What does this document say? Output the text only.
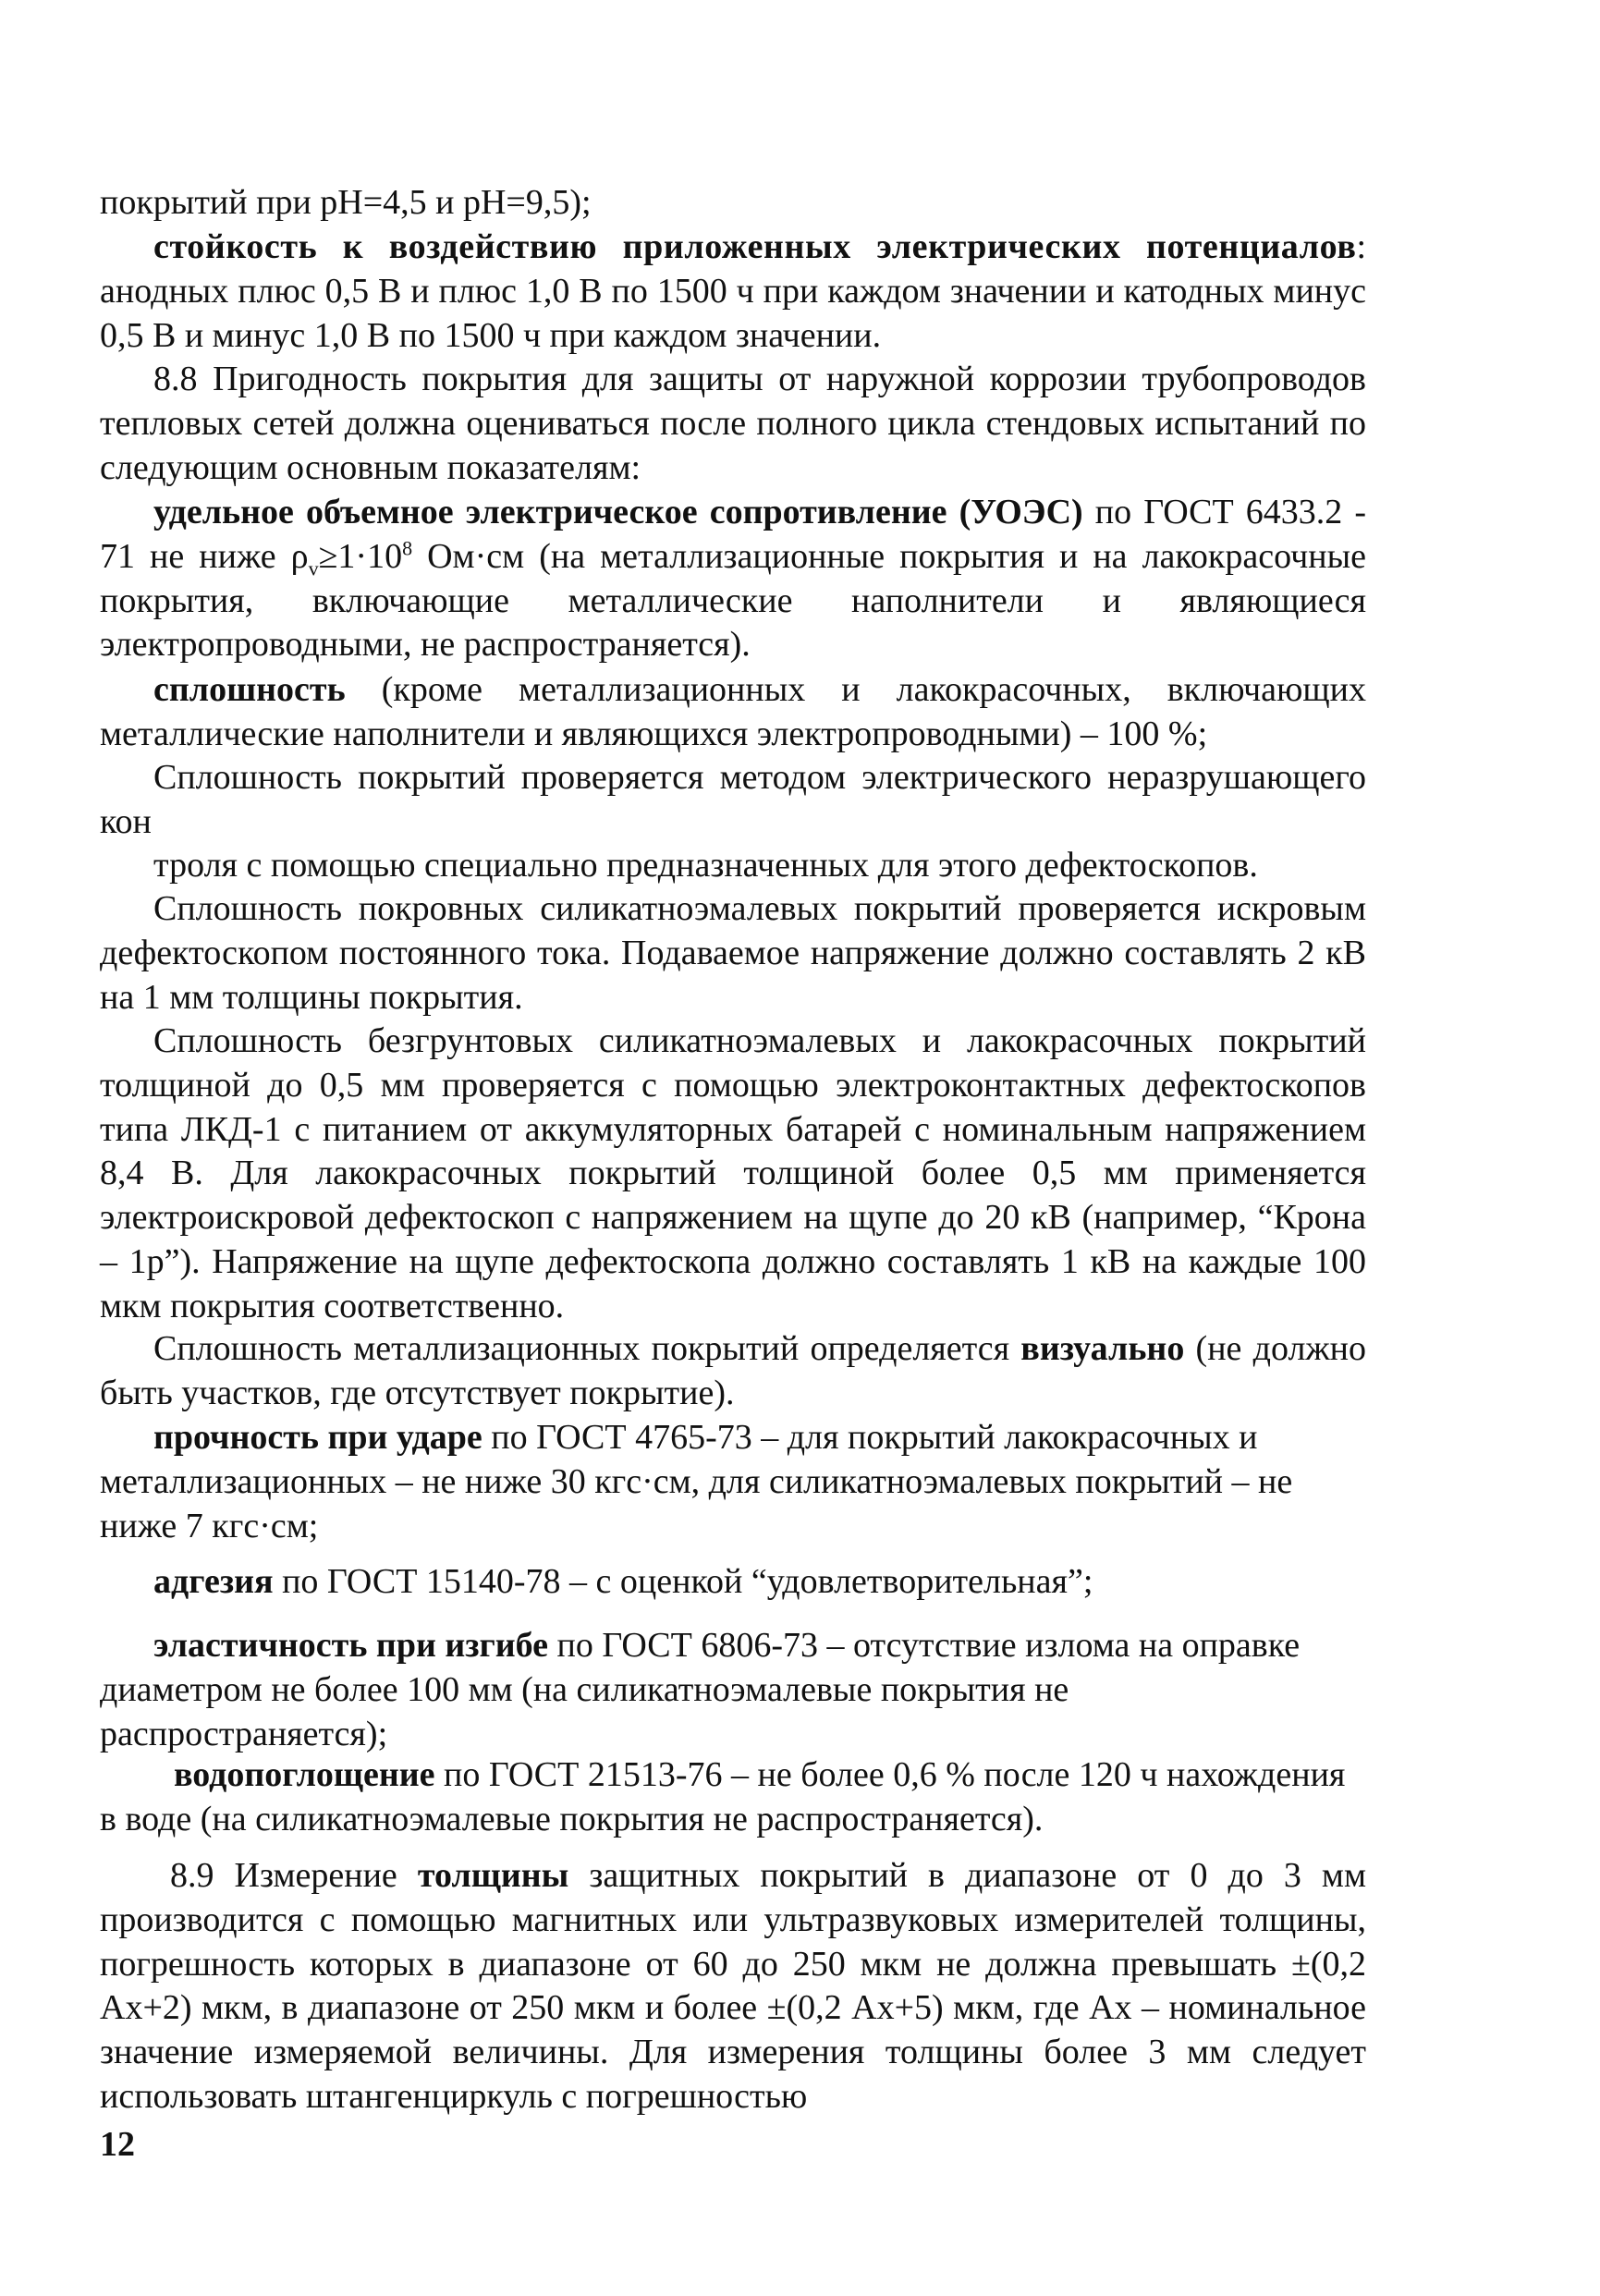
покрытий при pH=4,5 и pH=9,5);

стойкость к воздействию приложенных электрических потенциалов: анодных плюс 0,5 В и плюс 1,0 В по 1500 ч при каждом значении и катодных минус 0,5 В и минус 1,0 В по 1500 ч при каждом значении.

8.8 Пригодность покрытия для защиты от наружной коррозии трубопроводов тепловых сетей должна оцениваться после полного цикла стендовых испытаний по следующим основным показателям:

удельное объемное электрическое сопротивление (УОЭС) по ГОСТ 6433.2 - 71 не ниже $\rho_v\ge 1\cdot 10^8$ Ом·см (на металлизационные покрытия и на лакокрасочные покрытия, включающие металлические наполнители и являющиеся электропроводными, не распространяется).

сплошность (кроме металлизационных и лакокрасочных, включающих металлические наполнители и являющихся электропроводными) – 100 %;

Сплошность покрытий проверяется методом электрического неразрушающего кон

троля с помощью специально предназначенных для этого дефектоскопов.

Сплошность покровных силикатноэмалевых покрытий проверяется искровым дефектоскопом постоянного тока. Подаваемое напряжение должно составлять 2 кВ на 1 мм толщины покрытия.

Сплошность безгрунтовых силикатноэмалевых и лакокрасочных покрытий толщиной до 0,5 мм проверяется с помощью электроконтактных дефектоскопов типа ЛКД-1 с питанием от аккумуляторных батарей с номинальным напряжением 8,4 В. Для лакокрасочных покрытий толщиной более 0,5 мм применяется электроискровой дефектоскоп с напряжением на щупе до 20 кВ (например, “Крона – 1р”). Напряжение на щупе дефектоскопа должно составлять 1 кВ на каждые 100 мкм покрытия соответственно.

Сплошность металлизационных покрытий определяется визуально (не должно быть участков, где отсутствует покрытие).

прочность при ударе по ГОСТ 4765-73 – для покрытий лакокрасочных и металлизационных – не ниже 30 кгс·см, для силикатноэмалевых покрытий – не ниже 7 кгс·см;

адгезия по ГОСТ 15140-78 – с оценкой “удовлетворительная”;

эластичность при изгибе по ГОСТ 6806-73 – отсутствие излома на оправке диаметром не более 100 мм (на силикатноэмалевые покрытия не распространяется);

водопоглощение по ГОСТ 21513-76 – не более 0,6 % после 120 ч нахождения в воде (на силикатноэмалевые покрытия не распространяется).

8.9 Измерение толщины защитных покрытий в диапазоне от 0 до 3 мм производится с помощью магнитных или ультразвуковых измерителей толщины, погрешность которых в диапазоне от 60 до 250 мкм не должна превышать ±(0,2 Ax+2) мкм, в диапазоне от 250 мкм и более ±(0,2 Ax+5) мкм, где Ax – номинальное значение измеряемой величины. Для измерения толщины более 3 мм следует использовать штангенциркуль с погрешностью

12
